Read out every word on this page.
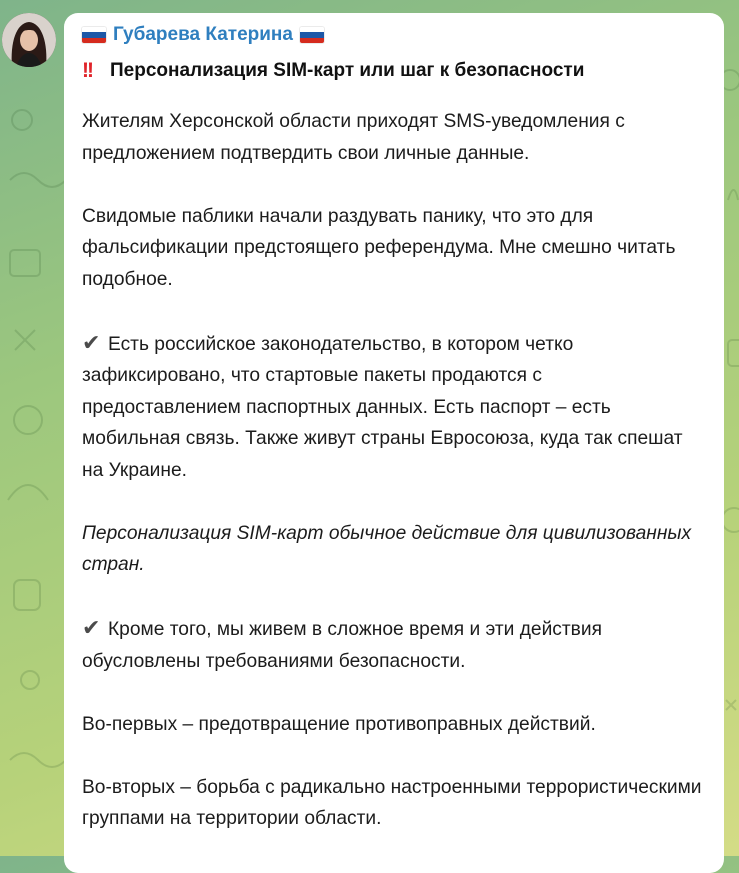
Губарева Катерина
!! Персонализация SIM-карт или шаг к безопасности

Жителям Херсонской области приходят SMS-уведомления с предложением подтвердить свои личные данные.

Свидомые паблики начали раздувать панику, что это для фальсификации предстоящего референдума. Мне смешно читать подобное.

✔ Есть российское законодательство, в котором четко зафиксировано, что стартовые пакеты продаются с предоставлением паспортных данных. Есть паспорт – есть мобильная связь. Также живут страны Евросоюза, куда так спешат на Украине.

Персонализация SIM-карт обычное действие для цивилизованных стран.

✔ Кроме того, мы живем в сложное время и эти действия обусловлены требованиями безопасности.

Во-первых – предотвращение противоправных действий.

Во-вторых – борьба с радикально настроенными террористическими группами на территории области.
